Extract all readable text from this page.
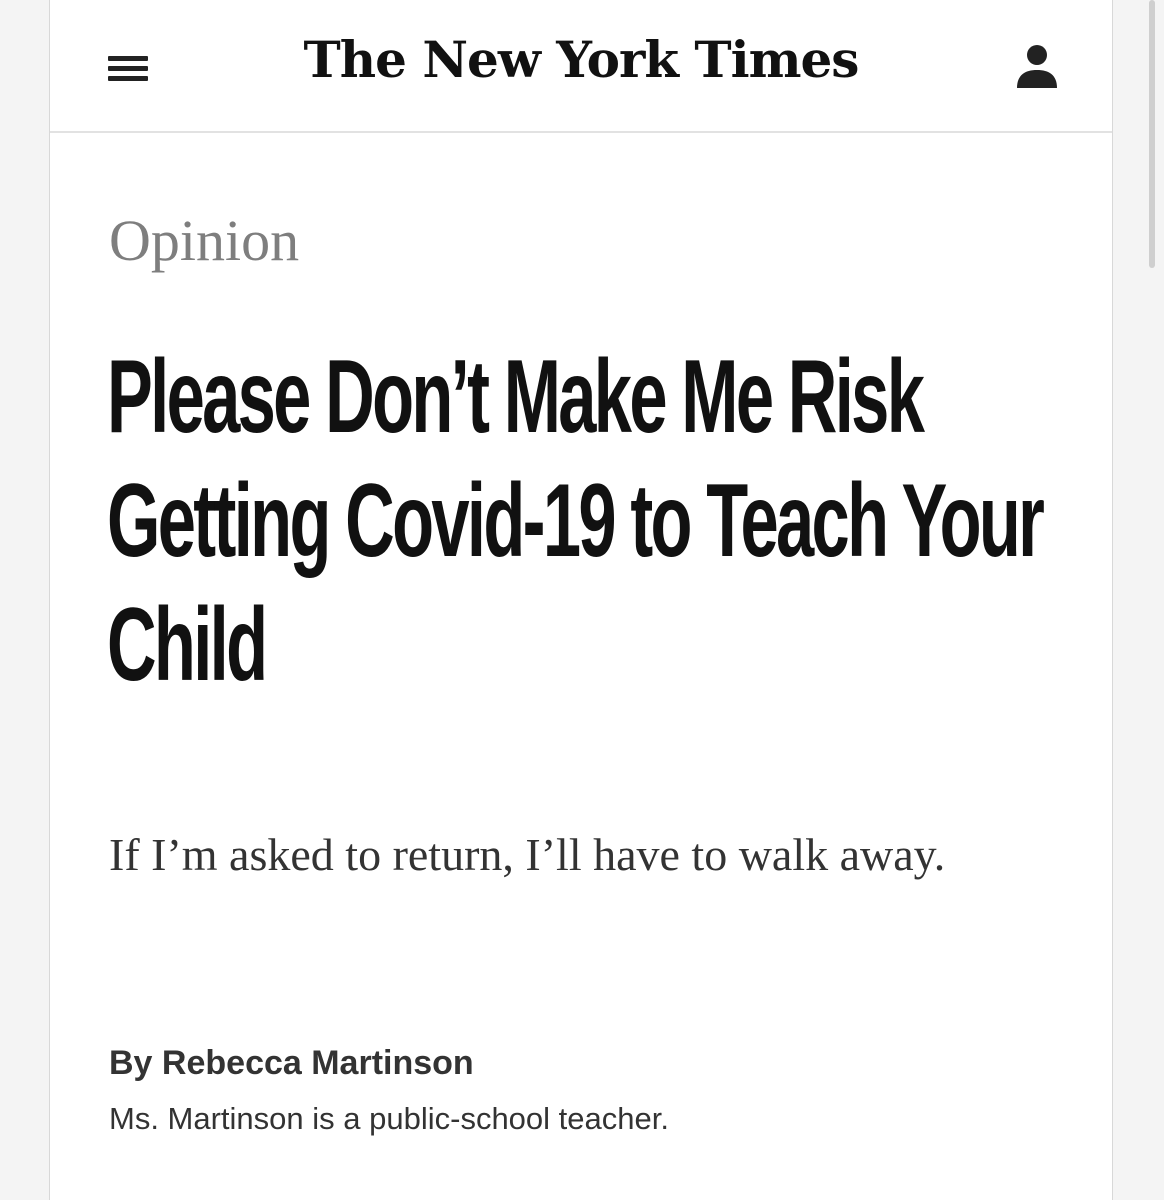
The New York Times
Opinion
Please Don’t Make Me Risk Getting Covid-19 to Teach Your Child

If I’m asked to return, I’ll have to walk away.

By Rebecca Martinson
Ms. Martinson is a public-school teacher.
